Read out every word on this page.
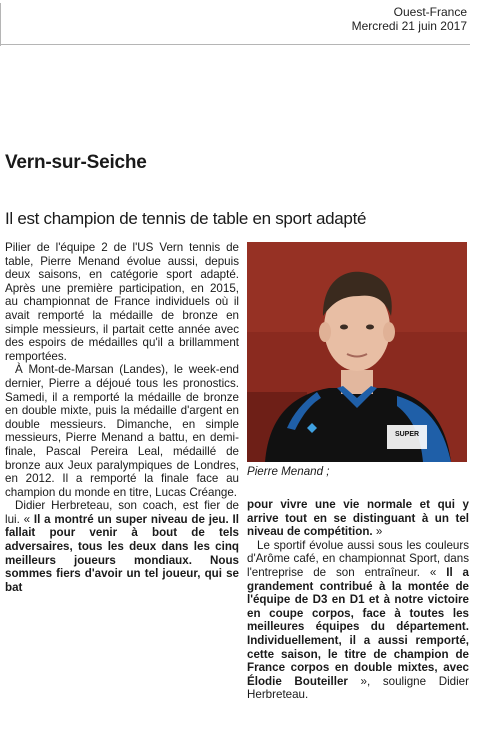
Ouest-France
Mercredi 21 juin 2017
Vern-sur-Seiche
Il est champion de tennis de table en sport adapté

Pilier de l'équipe 2 de l'US Vern tennis de table, Pierre Menand évolue aussi, depuis deux saisons, en catégorie sport adapté. Après une première participation, en 2015, au championnat de France individuels où il avait remporté la médaille de bronze en simple messieurs, il partait cette année avec des espoirs de médailles qu'il a brillamment remportées.

À Mont-de-Marsan (Landes), le week-end dernier, Pierre a déjoué tous les pronostics. Samedi, il a remporté la médaille de bronze en double mixte, puis la médaille d'argent en double messieurs. Dimanche, en simple messieurs, Pierre Menand a battu, en demi-finale, Pascal Pereira Leal, médaillé de bronze aux Jeux paralympiques de Londres, en 2012. Il a remporté la finale face au champion du monde en titre, Lucas Créange.

Didier Herbreteau, son coach, est fier de lui. « Il a montré un super niveau de jeu. Il fallait pour venir à bout de tels adversaires, tous les deux dans les cinq meilleurs joueurs mondiaux. Nous sommes fiers d'avoir un tel joueur, qui se bat

SUPER

Pierre Menand ;

pour vivre une vie normale et qui y arrive tout en se distinguant à un tel niveau de compétition. »

Le sportif évolue aussi sous les couleurs d'Arôme café, en championnat Sport, dans l'entreprise de son entraîneur. « Il a grandement contribué à la montée de l'équipe de D3 en D1 et à notre victoire en coupe corpos, face à toutes les meilleures équipes du département. Individuellement, il a aussi remporté, cette saison, le titre de champion de France corpos en double mixtes, avec Élodie Bouteiller », souligne Didier Herbreteau.
